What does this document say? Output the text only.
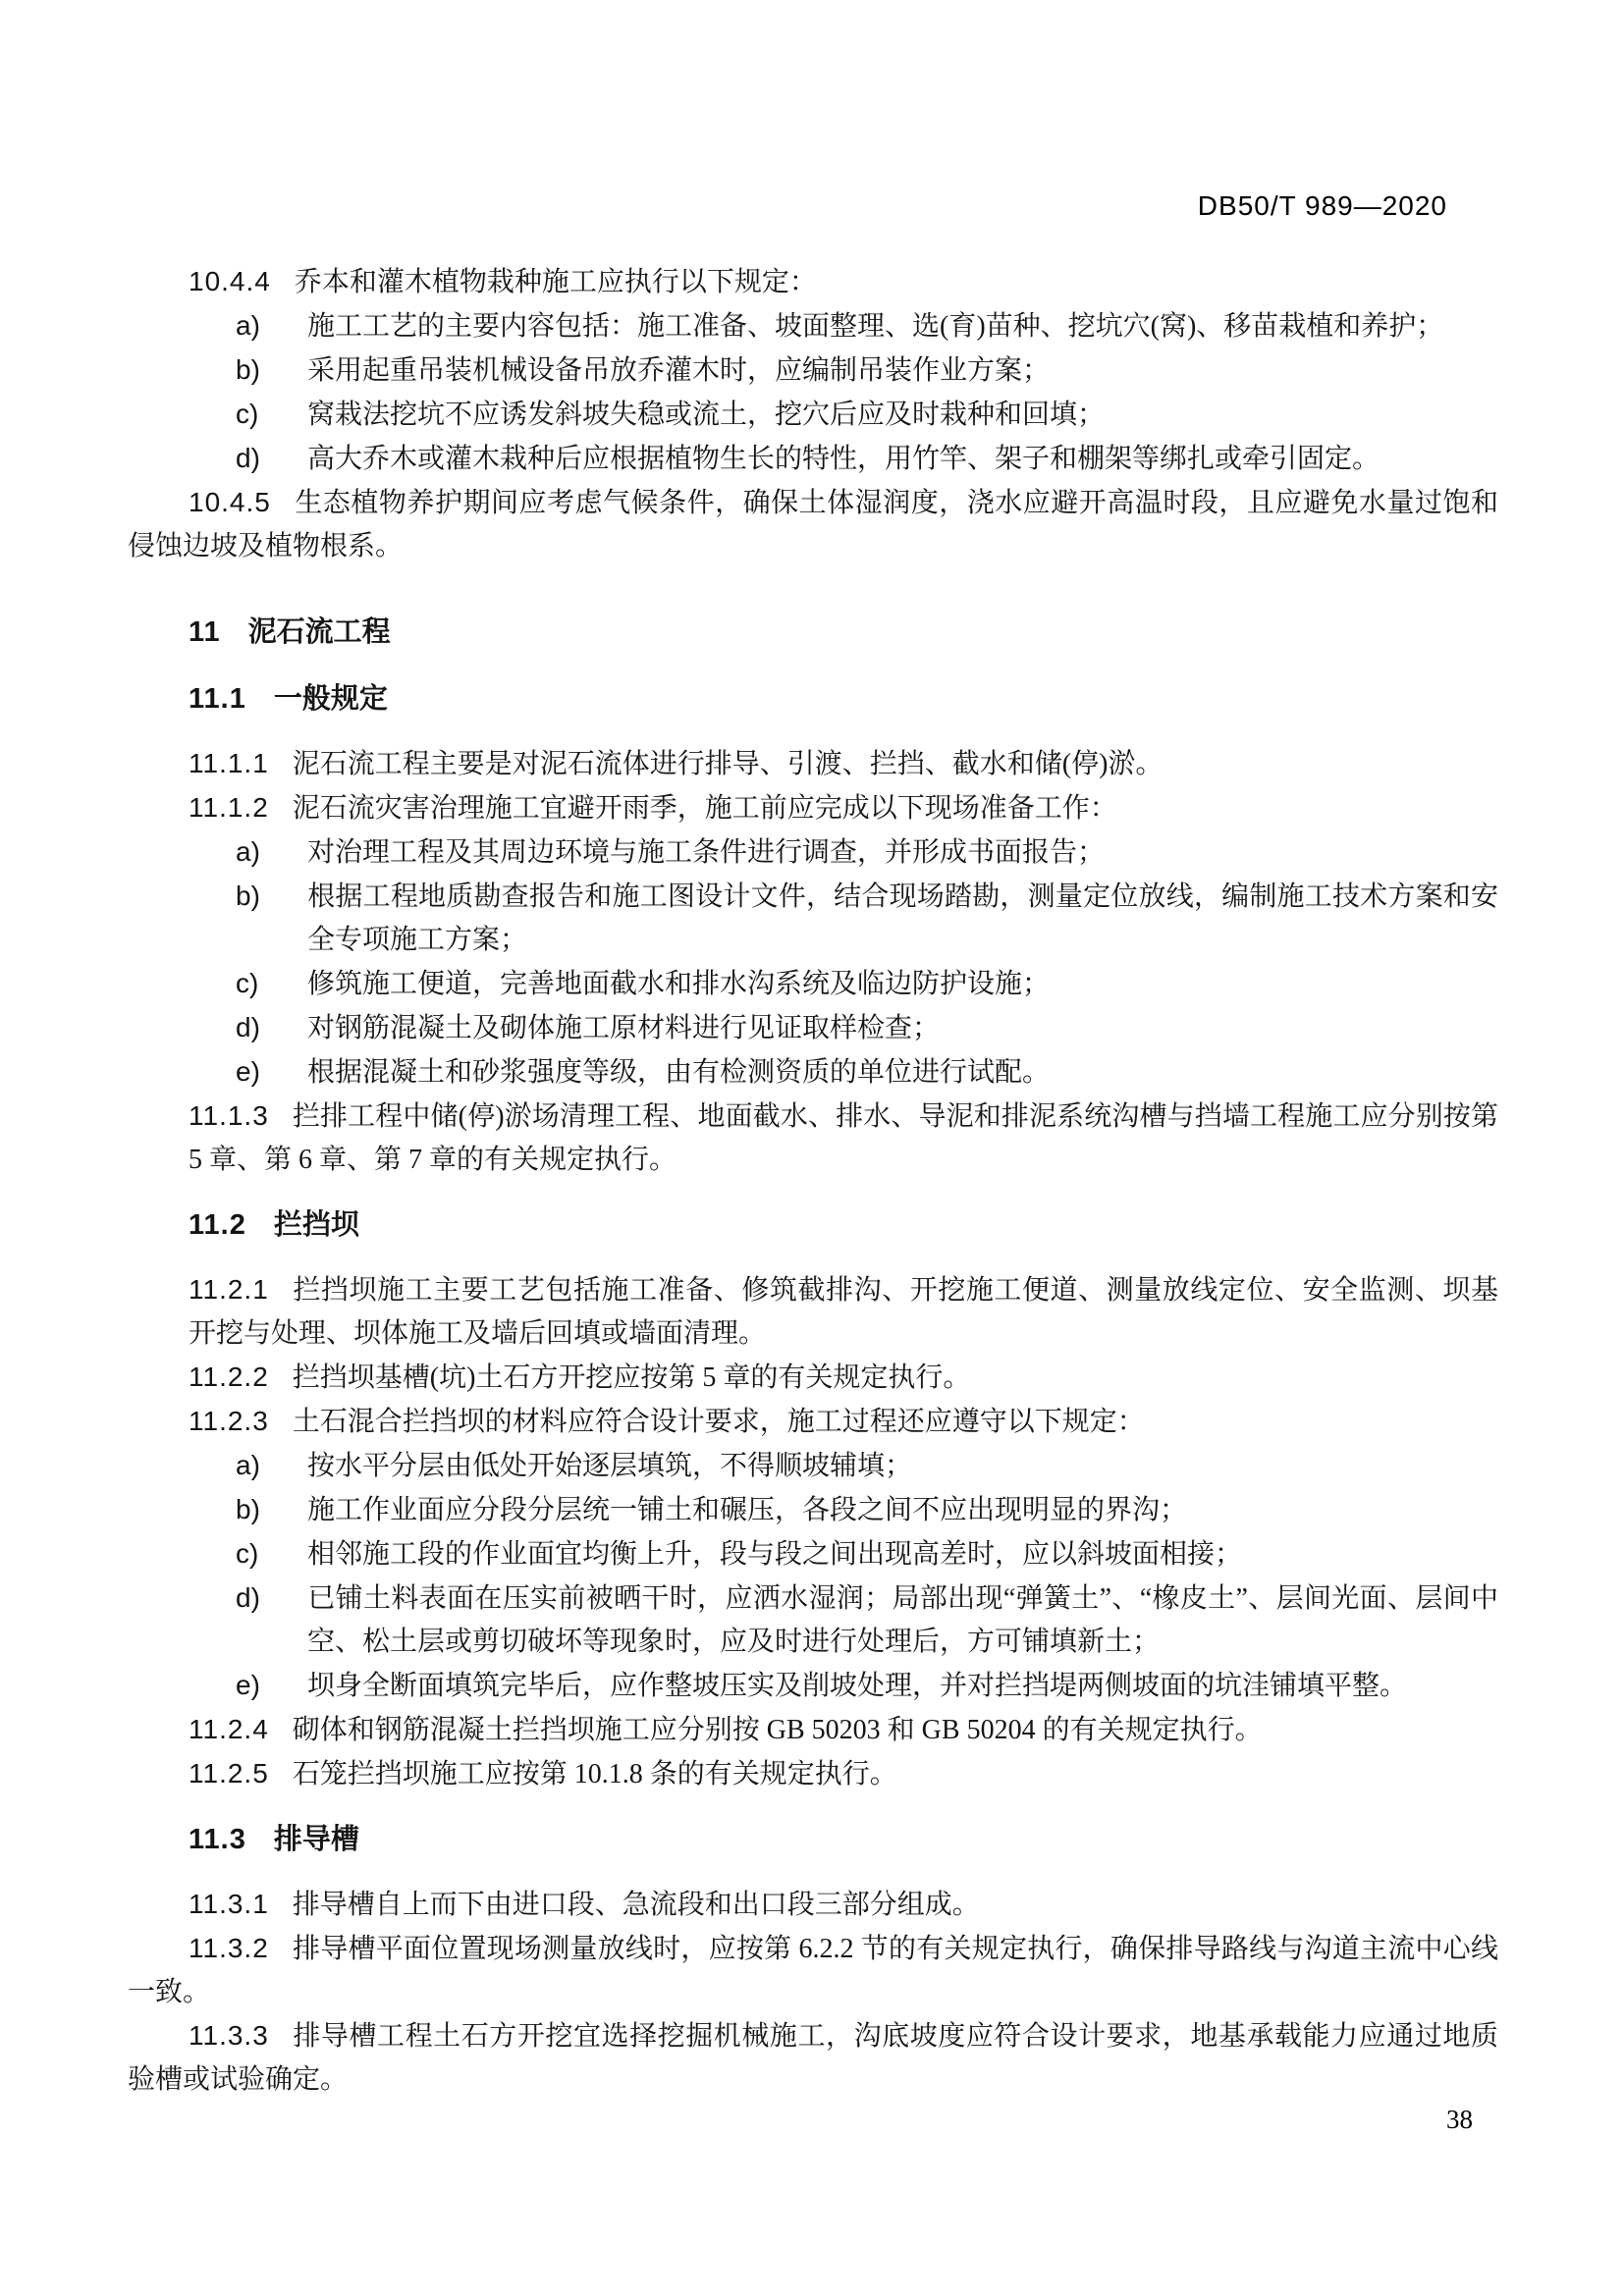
DB50/T 989—2020
10.4.4 乔本和灌木植物栽种施工应执行以下规定：
a) 施工工艺的主要内容包括：施工准备、坡面整理、选(育)苗种、挖坑穴(窝)、移苗栽植和养护；
b) 采用起重吊装机械设备吊放乔灌木时，应编制吊装作业方案；
c) 窝栽法挖坑不应诱发斜坡失稳或流土，挖穴后应及时栽种和回填；
d) 高大乔木或灌木栽种后应根据植物生长的特性，用竹竿、架子和棚架等绑扎或牵引固定。
10.4.5 生态植物养护期间应考虑气候条件，确保土体湿润度，浇水应避开高温时段，且应避免水量过饱和侵蚀边坡及植物根系。
11 泥石流工程
11.1 一般规定
11.1.1 泥石流工程主要是对泥石流体进行排导、引渡、拦挡、截水和储(停)淤。
11.1.2 泥石流灾害治理施工宜避开雨季，施工前应完成以下现场准备工作：
a) 对治理工程及其周边环境与施工条件进行调查，并形成书面报告；
b) 根据工程地质勘查报告和施工图设计文件，结合现场踏勘，测量定位放线，编制施工技术方案和安全专项施工方案；
c) 修筑施工便道，完善地面截水和排水沟系统及临边防护设施；
d) 对钢筋混凝土及砌体施工原材料进行见证取样检查；
e) 根据混凝土和砂浆强度等级，由有检测资质的单位进行试配。
11.1.3 拦排工程中储(停)淤场清理工程、地面截水、排水、导泥和排泥系统沟槽与挡墙工程施工应分别按第 5 章、第 6 章、第 7 章的有关规定执行。
11.2 拦挡坝
11.2.1 拦挡坝施工主要工艺包括施工准备、修筑截排沟、开挖施工便道、测量放线定位、安全监测、坝基开挖与处理、坝体施工及墙后回填或墙面清理。
11.2.2 拦挡坝基槽(坑)土石方开挖应按第 5 章的有关规定执行。
11.2.3 土石混合拦挡坝的材料应符合设计要求，施工过程还应遵守以下规定：
a) 按水平分层由低处开始逐层填筑，不得顺坡辅填；
b) 施工作业面应分段分层统一铺土和碾压，各段之间不应出现明显的界沟；
c) 相邻施工段的作业面宜均衡上升，段与段之间出现高差时，应以斜坡面相接；
d) 已铺土料表面在压实前被晒干时，应洒水湿润；局部出现“弹簧土”、“橡皮土”、层间光面、层间中空、松土层或剪切破坏等现象时，应及时进行处理后，方可铺填新土；
e) 坝身全断面填筑完毕后，应作整坡压实及削坡处理，并对拦挡堤两侧坡面的坑洼铺填平整。
11.2.4 砌体和钢筋混凝土拦挡坝施工应分别按 GB 50203 和 GB 50204 的有关规定执行。
11.2.5 石笼拦挡坝施工应按第 10.1.8 条的有关规定执行。
11.3 排导槽
11.3.1 排导槽自上而下由进口段、急流段和出口段三部分组成。
11.3.2 排导槽平面位置现场测量放线时，应按第 6.2.2 节的有关规定执行，确保排导路线与沟道主流中心线一致。
11.3.3 排导槽工程土石方开挖宜选择挖掘机械施工，沟底坡度应符合设计要求，地基承载能力应通过地质验槽或试验确定。
38
